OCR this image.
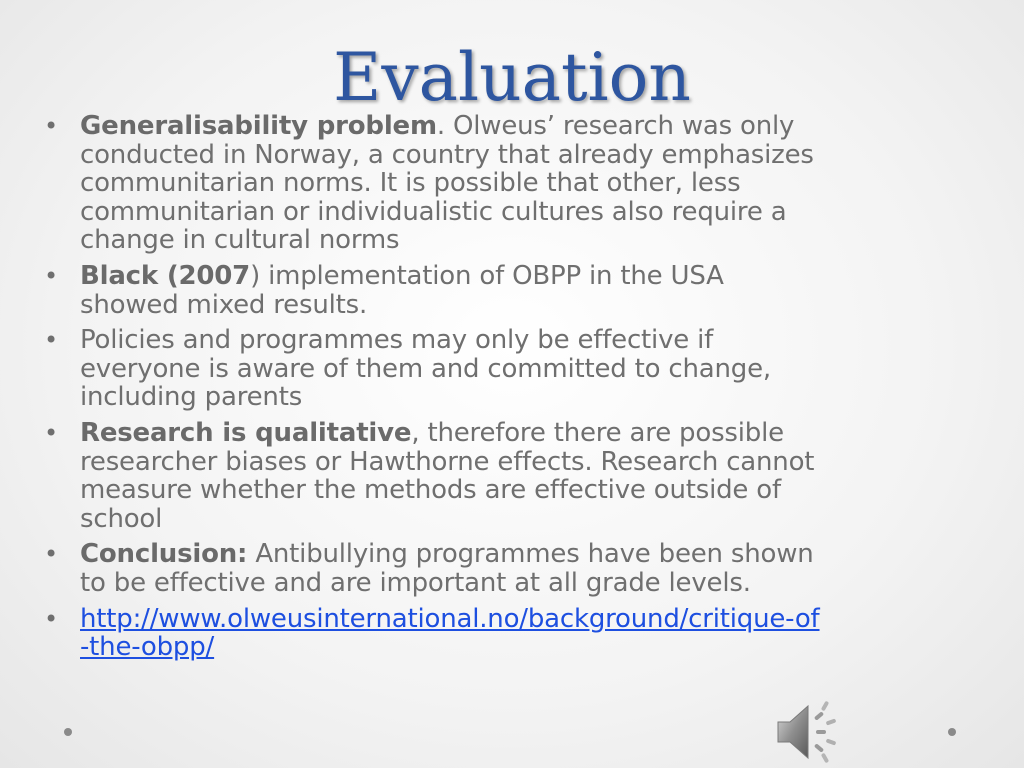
Evaluation
• Generalisability problem. Olweus’ research was only conducted in Norway, a country that already emphasizes communitarian norms. It is possible that other, less communitarian or individualistic cultures also require a change in cultural norms
• Black (2007) implementation of OBPP in the USA showed mixed results.
• Policies and programmes may only be effective if everyone is aware of them and committed to change, including parents
• Research is qualitative, therefore there are possible researcher biases or Hawthorne effects. Research cannot measure whether the methods are effective outside of school
• Conclusion: Antibullying programmes have been shown to be effective and are important at all grade levels.
• http://www.olweusinternational.no/background/critique-of-the-obpp/
